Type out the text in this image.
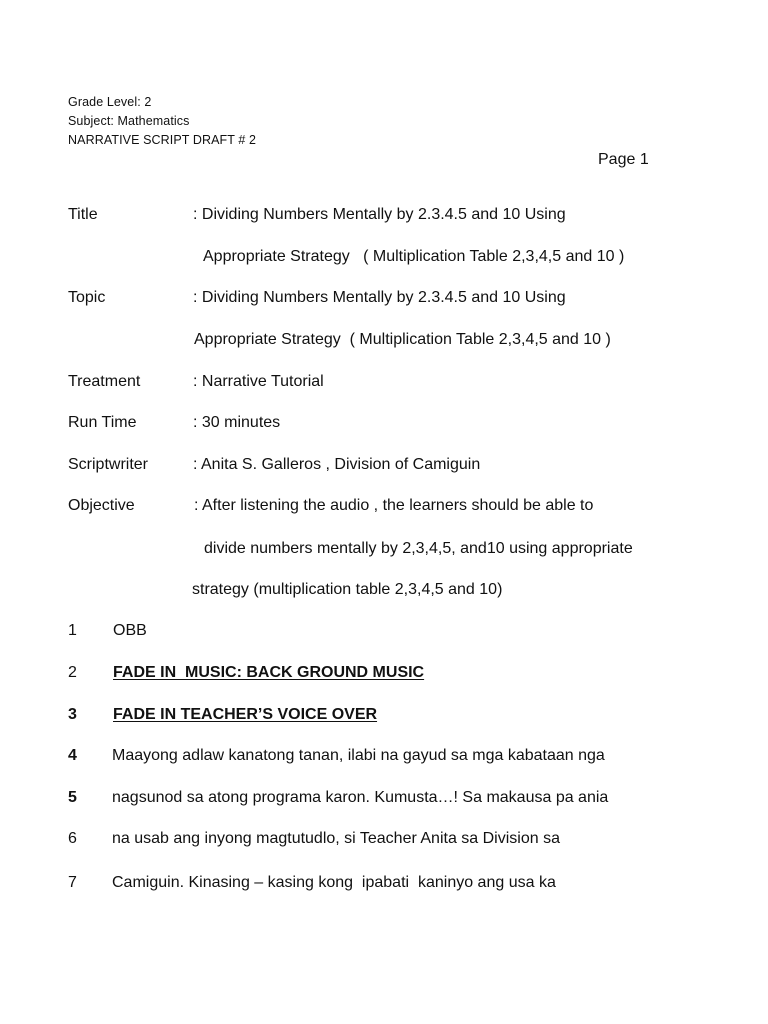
Grade Level: 2
Subject: Mathematics
NARRATIVE SCRIPT DRAFT # 2
Page 1
Title	: Dividing Numbers Mentally by 2.3.4.5 and 10 Using
Appropriate Strategy   ( Multiplication Table 2,3,4,5 and 10 )
Topic	: Dividing Numbers Mentally by 2.3.4.5 and 10 Using
Appropriate Strategy  ( Multiplication Table 2,3,4,5 and 10 )
Treatment	: Narrative Tutorial
Run Time	: 30 minutes
Scriptwriter	: Anita S. Galleros , Division of Camiguin
Objective	: After listening the audio , the learners should be able to
divide numbers mentally by 2,3,4,5, and10 using appropriate
strategy (multiplication table 2,3,4,5 and 10)
1 OBB
2 FADE IN  MUSIC: BACK GROUND MUSIC
3 FADE IN TEACHER’S VOICE OVER
4 Maayong adlaw kanatong tanan, ilabi na gayud sa mga kabataan nga
5 nagsunod sa atong programa karon. Kumusta…! Sa makausa pa ania
6 na usab ang inyong magtutudlo, si Teacher Anita sa Division sa
7 Camiguin. Kinasing – kasing kong  ipabati  kaninyo ang usa ka
